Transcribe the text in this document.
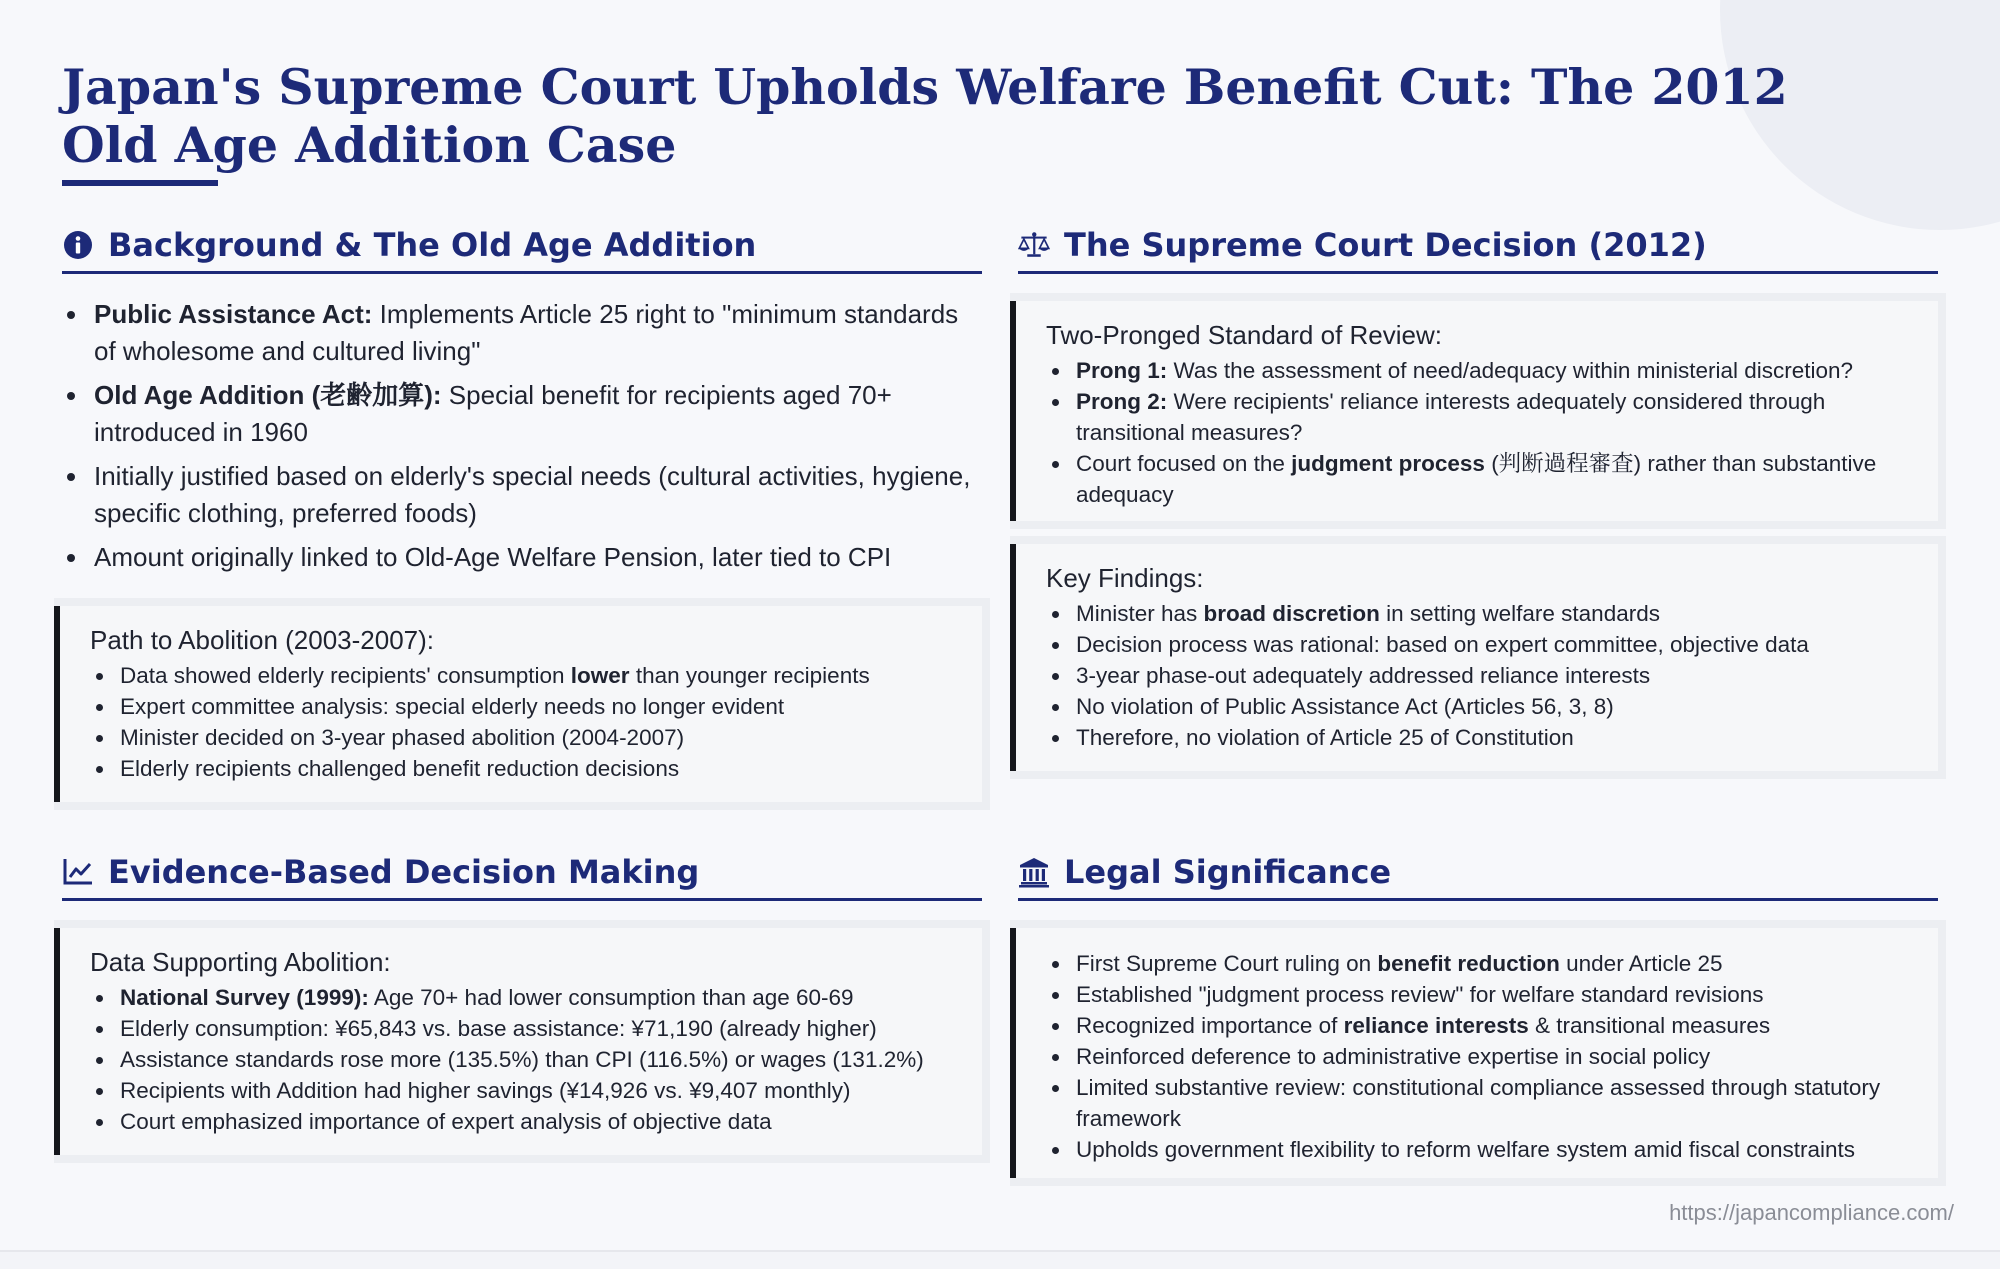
Japan's Supreme Court Upholds Welfare Benefit Cut: The 2012 Old Age Addition Case
Background & The Old Age Addition
Public Assistance Act: Implements Article 25 right to "minimum standards of wholesome and cultured living"
Old Age Addition (老齢加算): Special benefit for recipients aged 70+ introduced in 1960
Initially justified based on elderly's special needs (cultural activities, hygiene, specific clothing, preferred foods)
Amount originally linked to Old-Age Welfare Pension, later tied to CPI
Path to Abolition (2003-2007):
Data showed elderly recipients' consumption lower than younger recipients
Expert committee analysis: special elderly needs no longer evident
Minister decided on 3-year phased abolition (2004-2007)
Elderly recipients challenged benefit reduction decisions
The Supreme Court Decision (2012)
Two-Pronged Standard of Review:
Prong 1: Was the assessment of need/adequacy within ministerial discretion?
Prong 2: Were recipients' reliance interests adequately considered through transitional measures?
Court focused on the judgment process (判断過程審査) rather than substantive adequacy
Key Findings:
Minister has broad discretion in setting welfare standards
Decision process was rational: based on expert committee, objective data
3-year phase-out adequately addressed reliance interests
No violation of Public Assistance Act (Articles 56, 3, 8)
Therefore, no violation of Article 25 of Constitution
Evidence-Based Decision Making
Data Supporting Abolition:
National Survey (1999): Age 70+ had lower consumption than age 60-69
Elderly consumption: ¥65,843 vs. base assistance: ¥71,190 (already higher)
Assistance standards rose more (135.5%) than CPI (116.5%) or wages (131.2%)
Recipients with Addition had higher savings (¥14,926 vs. ¥9,407 monthly)
Court emphasized importance of expert analysis of objective data
Legal Significance
First Supreme Court ruling on benefit reduction under Article 25
Established "judgment process review" for welfare standard revisions
Recognized importance of reliance interests & transitional measures
Reinforced deference to administrative expertise in social policy
Limited substantive review: constitutional compliance assessed through statutory framework
Upholds government flexibility to reform welfare system amid fiscal constraints
https://japancompliance.com/
